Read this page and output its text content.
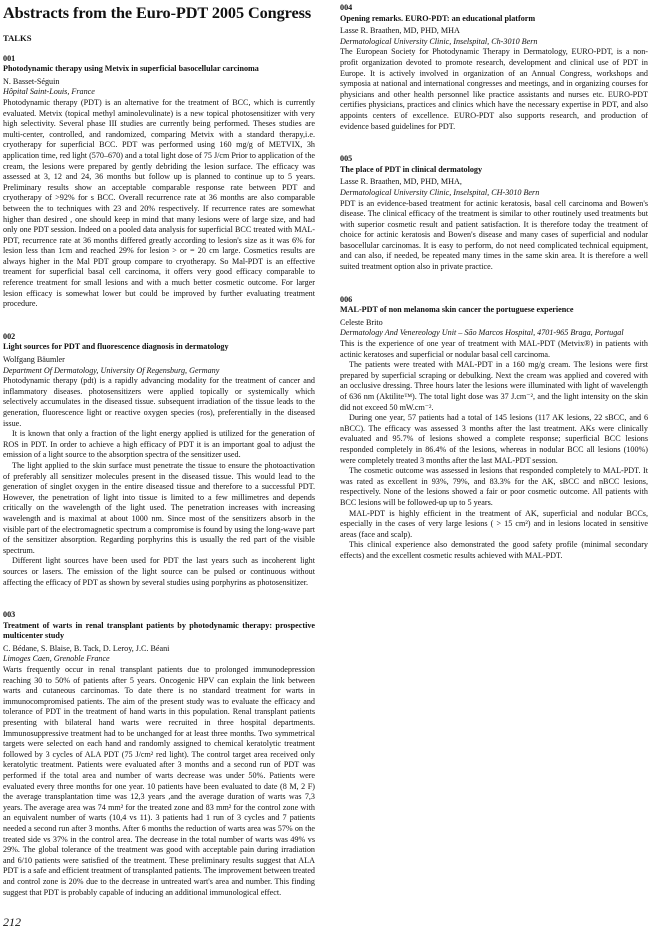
Abstracts from the Euro-PDT 2005 Congress
TALKS

001

Photodynamic therapy using Metvix in superficial basocellular carcinoma

N. Basset-Séguin

Hôpital Saint-Louis, France

Photodynamic therapy (PDT) is an alternative for the treatment of BCC, which is currently evaluated. Metvix (topical methyl aminolevulinate) is a new topical photosensitizer with very high selectivity. Several phase III studies are currently being performed. Theses studies are multi-center, controlled, and randomized, comparing Metvix with a standard therapy,i.e. cryotherapy for superficial BCC. PDT was performed using 160 mg/g of METVIX, 3h application time, red light (570–670) and a total light dose of 75 J/cm Prior to application of the cream, the lesions were prepared by gently debriding the lesion surface. The efficacy was assessed at 3, 12 and 24, 36 months but follow up is planned to continue up to 5 years. Preliminary results show an acceptable comparable response rate between PDT and cryotherapy of >92% for s BCC. Overall recurrence rate at 36 months are also comparable between the to techniques with 23 and 20% respectively. If recurrence rates are somewhat higher than desired , one should keep in mind that many lesions were of large size, and had only one PDT session. Indeed on a pooled data analysis for superficial BCC treated with MAL- PDT, recurrence rate at 36 months differed greatly according to lesion's size as it was 6% for lesion less than 1cm and reached 29% for lesion > or = 20 cm large. Cosmetics results are always higher in the Mal PDT group compare to cryotherapy. So Mal-PDT is an effective treament for superficial basal cell carcinoma, it offers very good efficacy comparable to reference treatment for small lesions and with a much better cosmetic outcome. For larger lesion efficacy is somewhat lower but could be improved by further evaluating treatment procedure.

002

Light sources for PDT and fluorescence diagnosis in dermatology

Wolfgang Bäumler

Department Of Dermatology, University Of Regensburg, Germany

Photodynamic therapy (pdt) is a rapidly advancing modality for the treatment of cancer and inflammatory diseases. photosensitizers were applied topically or systemically which selectively accumulates in the diseased tissue. subsequent irradiation of the tissue leads to the generation, fluorescence light or reactive oxygen species (ros), preferentially in the diseased issue.

It is known that only a fraction of the light energy applied is utilized for the generation of ROS in PDT. In order to achieve a high efficacy of PDT it is an important goal to adjust the emission of a light source to the absorption spectra of the sensitizer used.

The light applied to the skin surface must penetrate the tissue to ensure the photoactivation of preferably all sensitizer molecules present in the diseased tissue. This would lead to the generation of singlet oxygen in the entire diseased tissue and therefore to a successful PDT. However, the penetration of light into tissue is limited to a few millimetres and depends critically on the wavelength of the light used. The penetration increases with increasing wavelength and is maximal at about 1000 nm. Since most of the sensitizers absorb in the visible part of the electromagnetic spectrum a compromise is found by using the long-wave part of the sensitizer absorption. Regarding porphyrins this is usually the red part of the visible spectrum.

Different light sources have been used for PDT the last years such as incoherent light sources or lasers. The emission of the light source can be pulsed or continuous without affecting the efficacy of PDT as shown by several studies using porphyrins as photosensitizer.

003

Treatment of warts in renal transplant patients by photodynamic therapy: prospective multicenter study

C. Bédane, S. Blaise, B. Tack, D. Leroy, J.C. Béani

Limoges Caen, Grenoble France

Warts frequently occur in renal transplant patients due to prolonged immunodepression reaching 30 to 50% of patients after 5 years. Oncogenic HPV can explain the link between warts and cutaneous carcinomas. To date there is no standard treatment for warts in immunocompromised patients. The aim of the present study was to evaluate the efficacy and tolerance of PDT in the treatment of hand warts in this population. Renal transplant patients presenting with bilateral hand warts were recruited in three hospital departments. Immunosuppressive treatment had to be unchanged for at least three months. Two symmetrical targets were selected on each hand and randomly assigned to chemical keratolytic treatment followed by 3 cycles of ALA PDT (75 J/cm² red light). The control target area received only keratolytic treatment. Patients were evaluated after 3 months and a second run of PDT was performed if the total area and number of warts decrease was under 50%. Patients were evaluated every three months for one year. 10 patients have been evaluated to date (8 M, 2 F) the average transplantation time was 12,3 years ,and the average duration of warts was 7,3 years. The average area was 74 mm² for the treated zone and 83 mm² for the control zone with an equivalent number of warts (10,4 vs 11). 3 patients had 1 run of 3 cycles and 7 patients needed a second run after 3 months. After 6 months the reduction of warts area was 57% on the treated side vs 37% in the control area. The decrease in the total number of warts was 49% vs 29%. The global tolerance of the treatment was good with acceptable pain during irradiation and 6/10 patients were satisfied of the treatment. These preliminary results suggest that ALA PDT is a safe and efficient treatment of transplanted patients. The improvement between treated and control zone is 20% due to the decrease in untreated wart's area and number. This finding suggest that PDT is probably capable of inducing an additional immunological effect.

004

Opening remarks. EURO-PDT: an educational platform

Lasse R. Braathen, MD, PHD, MHA

Dermatological University Clinic, Inselspital, Ch-3010 Bern

The European Society for Photodynamic Therapy in Dermatology, EURO-PDT, is a non-profit organization devoted to promote research, development and clinical use of PDT in Europe. It is actively involved in organization of an Annual Congress, workshops and symposia at national and international congresses and meetings, and in organizing courses for physicians and other health personnel like practice assistants and nurses etc. EURO-PDT certifies physicians, practices and clinics which have the necessary expertise in PDT, and also appoints centers of excellence. EURO-PDT also supports research, and production of evidence based guidelines for PDT.

005

The place of PDT in clinical dermatology

Lasse R. Braathen, MD, PHD, MHA,

Dermatological University Clinic, Inselspital, CH-3010 Bern

PDT is an evidence-based treatment for actinic keratosis, basal cell carcinoma and Bowen's disease. The clinical efficacy of the treatment is similar to other routinely used treatments but with superior cosmetic result and patient satisfaction. It is therefore today the treatment of choice for actinic keratosis and Bowen's disease and many cases of superficial and nodular basocellular carcinomas. It is easy to perform, do not need complicated technical equipment, and can also, if needed, be repeated many times in the same skin area. It is therefore a well suited treatment option also in private practice.

006

MAL-PDT of non melanoma skin cancer the portuguese experience

Celeste Brito

Dermatology And Venereology Unit – São Marcos Hospital, 4701-965 Braga, Portugal

This is the experience of one year of treatment with MAL-PDT (Metvix®) in patients with actinic keratoses and superficial or nodular basal cell carcinoma.

The patients were treated with MAL-PDT in a 160 mg/g cream. The lesions were first prepared by superficial scraping or debulking. Next the cream was applied and covered with an occlusive dressing. Three hours later the lesions were illuminated with light of wavelength of 636 nm (Aktilite™). The total light dose was 37 J.cm⁻², and the light intensity on the skin did not exceed 50 mW.cm⁻².

During one year, 57 patients had a total of 145 lesions (117 AK lesions, 22 sBCC, and 6 nBCC). The efficacy was assessed 3 months after the last treatment. AKs were clinically evaluated and 95.7% of lesions showed a complete response; superficial BCC lesions responded completely in 86.4% of the lesions, whereas in nodular BCC all lesions (100%) were completely treated 3 months after the last MAL-PDT session.

The cosmetic outcome was assessed in lesions that responded completely to MAL-PDT. It was rated as excellent in 93%, 79%, and 83.3% for the AK, sBCC and nBCC lesions, respectively. None of the lesions showed a fair or poor cosmetic outcome. All patients with BCC lesions will be followed-up up to 5 years.

MAL-PDT is highly efficient in the treatment of AK, superficial and nodular BCCs, especially in the cases of very large lesions ( > 15 cm²) and in lesions located in sensitive areas (face and scalp).

This clinical experience also demonstrated the good safety profile (minimal secondary effects) and the excellent cosmetic results achieved with MAL-PDT.

212
